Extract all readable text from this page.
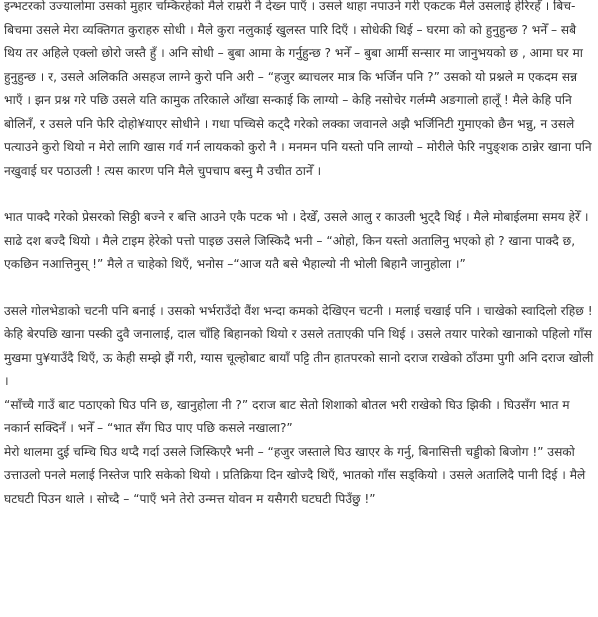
इन्भटरको उज्यालोमा उसको मुहार चम्किरहेको मैले राम्ररी नै देख्न पाएँ । उसले थाहा नपाउने गरी एकटक मैले उसलाई हेरिरहेँ । बिच-बिचमा उसले मेरा व्यक्तिगत कुराहरु सोधी । मैले कुरा नलुकाई खुलस्त पारि दिएँ । सोधेकी थिई – घरमा को को हुनुहुन्छ ? भनेँ – सबै थिय तर अहिले एक्लो छोरो जस्तै हुँ । अनि सोधी – बुबा आमा के गर्नुहुन्छ ? भनेँ – बुबा आर्मी सन्सार मा जानुभयको छ , आमा घर मा हुनुहुन्छ । र, उसले अलिकति असहज लाग्ने कुरो पनि अरी – “हजुर ब्याचलर मात्र कि भर्जिन पनि ?” उसको यो प्रश्नले म एकदम सन्न भाएँ । झन प्रश्न गरे पछि उसले यति कामुक तरिकाले आँखा सन्काई कि लाग्यो – केहि नसोचेर गर्लम्मै अङगालो हालूँ ! मैले केहि पनि बोलिनँ, र उसले पनि फेरि दोहो¥याएर सोधीने । गधा पच्चिसे कट्दै गरेको लक्का जवानले अझै भर्जिनिटी गुमाएको छैन भन्नु, न उसले पत्याउने कुरो थियो न मेरो लागि खास गर्व गर्न लायकको कुरो नै । मनमन पनि यस्तो पनि लाग्यो – मोरीले फेरि नपुङ्शक ठान्नेर खाना पनि नखुवाई घर पठाउली ! त्यस कारण पनि मैले चुपचाप बस्नु मै उचीत ठानेँ ।

भात पाक्दै गरेको प्रेसरको सिठ्ठी बज्ने र बत्ति आउने एकै पटक भो । देखेँ, उसले आलु र काउली भुट्दै थिई । मैले मोबाईलमा समय हेरेँ । साढे दश बज्दै थियो । मैले टाइम हेरेको पत्तो पाइछ उसले जिस्किदै भनी – “ओहो, किन यस्तो अतालिनु भएको हो ? खाना पाक्दै छ, एकछिन नआत्तिनुस् !” मैले त चाहेको थिएँ, भनोस –“आज यतै बसे भैहाल्यो नी भोली बिहानै जानुहोला ।”

उसले गोलभेडाको चटनी पनि बनाई । उसको भर्भराउँदो वैंश भन्दा कमको देखिएन चटनी । मलाई चखाई पनि । चाखेको स्वादिलो रहिछ ! केहि बेरपछि खाना पस्की दुवै जनालाई, दाल चाँहि बिहानको थियो र उसले तताएकी पनि थिई । उसले तयार पारेको खानाको पहिलो गाँस मुखमा पु¥याउँदै थिएँ, ऊ केही सम्झे झैं गरी, ग्यास चूल्होबाट बायाँ पट्टि तीन हातपरको सानो दराज राखेको ठाँउमा पुगी अनि दराज खोली ।

“साँच्चै गाउँ बाट पठाएको घिउ पनि छ, खानुहोला नी ?” दराज बाट सेतो शिशाको बोतल भरी राखेको घिउ झिकी । घिउसँग भात म नकार्न सक्दिनँ । भनेँ – “भात सँग घिउ पाए पछि कसले नखाला?”

मेरो थालमा दुई चम्चि घिउ थप्दै गर्दा उसले जिस्किएरै भनी – “हजुर जस्ताले घिउ खाएर के गर्नु, बिनासित्ती चड्डीको बिजोग !” उसको उत्ताउलो पनले मलाई निस्तेज पारि सकेको थियो । प्रतिक्रिया दिन खोज्दै थिएँ, भातको गाँस सड्कियो । उसले अतालिदै पानी दिई । मैले घटघटी पिउन थाले । सोच्दै – “पाएँ भने तेरो उन्मत्त योवन म यसैगरी घटघटी पिउँछु !”
